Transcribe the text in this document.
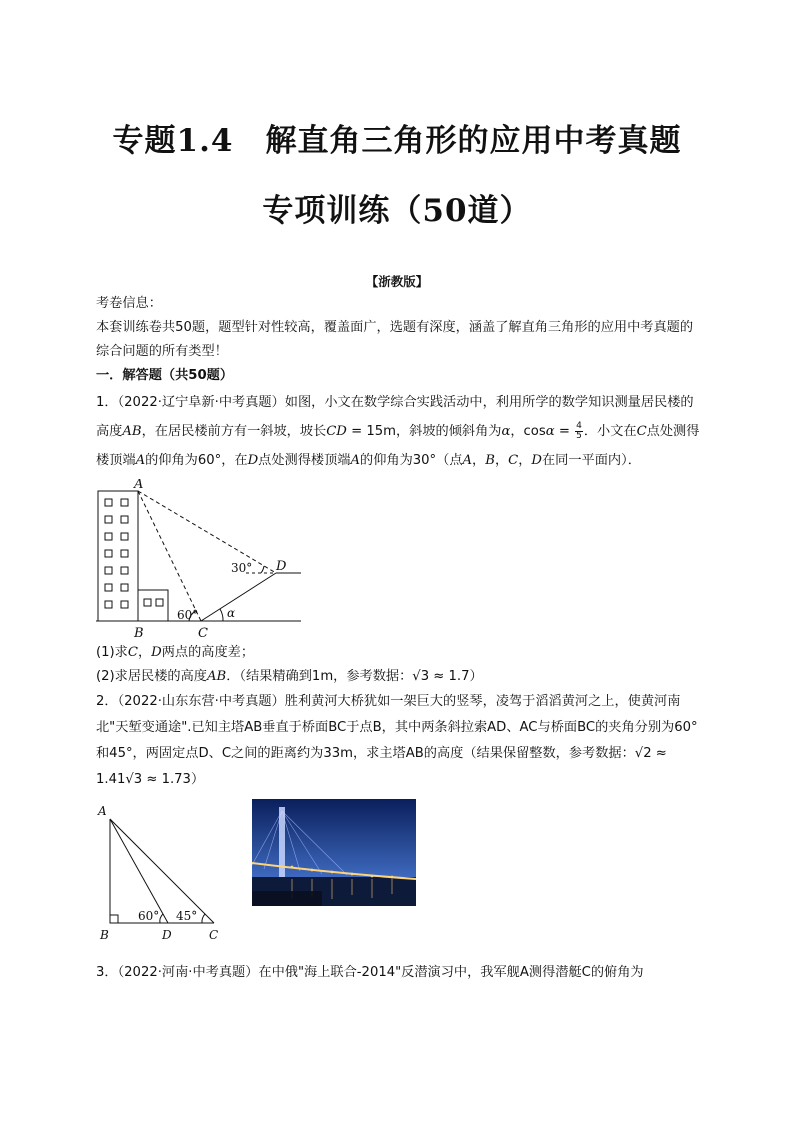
专题1.4　解直角三角形的应用中考真题
专项训练（50道）
【浙教版】

考卷信息：

本套训练卷共50题，题型针对性较高，覆盖面广，选题有深度，涵盖了解直角三角形的应用中考真题的综合问题的所有类型！

一．解答题（共50题）

1．（2022·辽宁阜新·中考真题）如图，小文在数学综合实践活动中，利用所学的数学知识测量居民楼的高度AB，在居民楼前方有一斜坡，坡长CD = 15m，斜坡的倾斜角为α，$\cos\alpha = \frac{4}{5}$ ．小文在C点处测得楼顶端A的仰角为60°，在D点处测得楼顶端A的仰角为30°（点A，B，C，D在同一平面内）．

A
B	C
D
α
30°
60°

(1)求C，D两点的高度差；

(2)求居民楼的高度AB．（结果精确到1m，参考数据：√3 ≈ 1.7）

2．（2022·山东东营·中考真题）胜利黄河大桥犹如一架巨大的竖琴，凌驾于滔滔黄河之上，使黄河南北"天堑变通途".已知主塔AB垂直于桥面BC于点B，其中两条斜拉索AD、AC与桥面BC的夹角分别为60°和45°，两固定点D、C之间的距离约为33m，求主塔AB的高度（结果保留整数，参考数据：√2 ≈ 1.41√3 ≈ 1.73）

A
B	D	C
60° 45°

3．（2022·河南·中考真题）在中俄"海上联合-2014"反潜演习中，我军舰A测得潜艇C的俯角为
